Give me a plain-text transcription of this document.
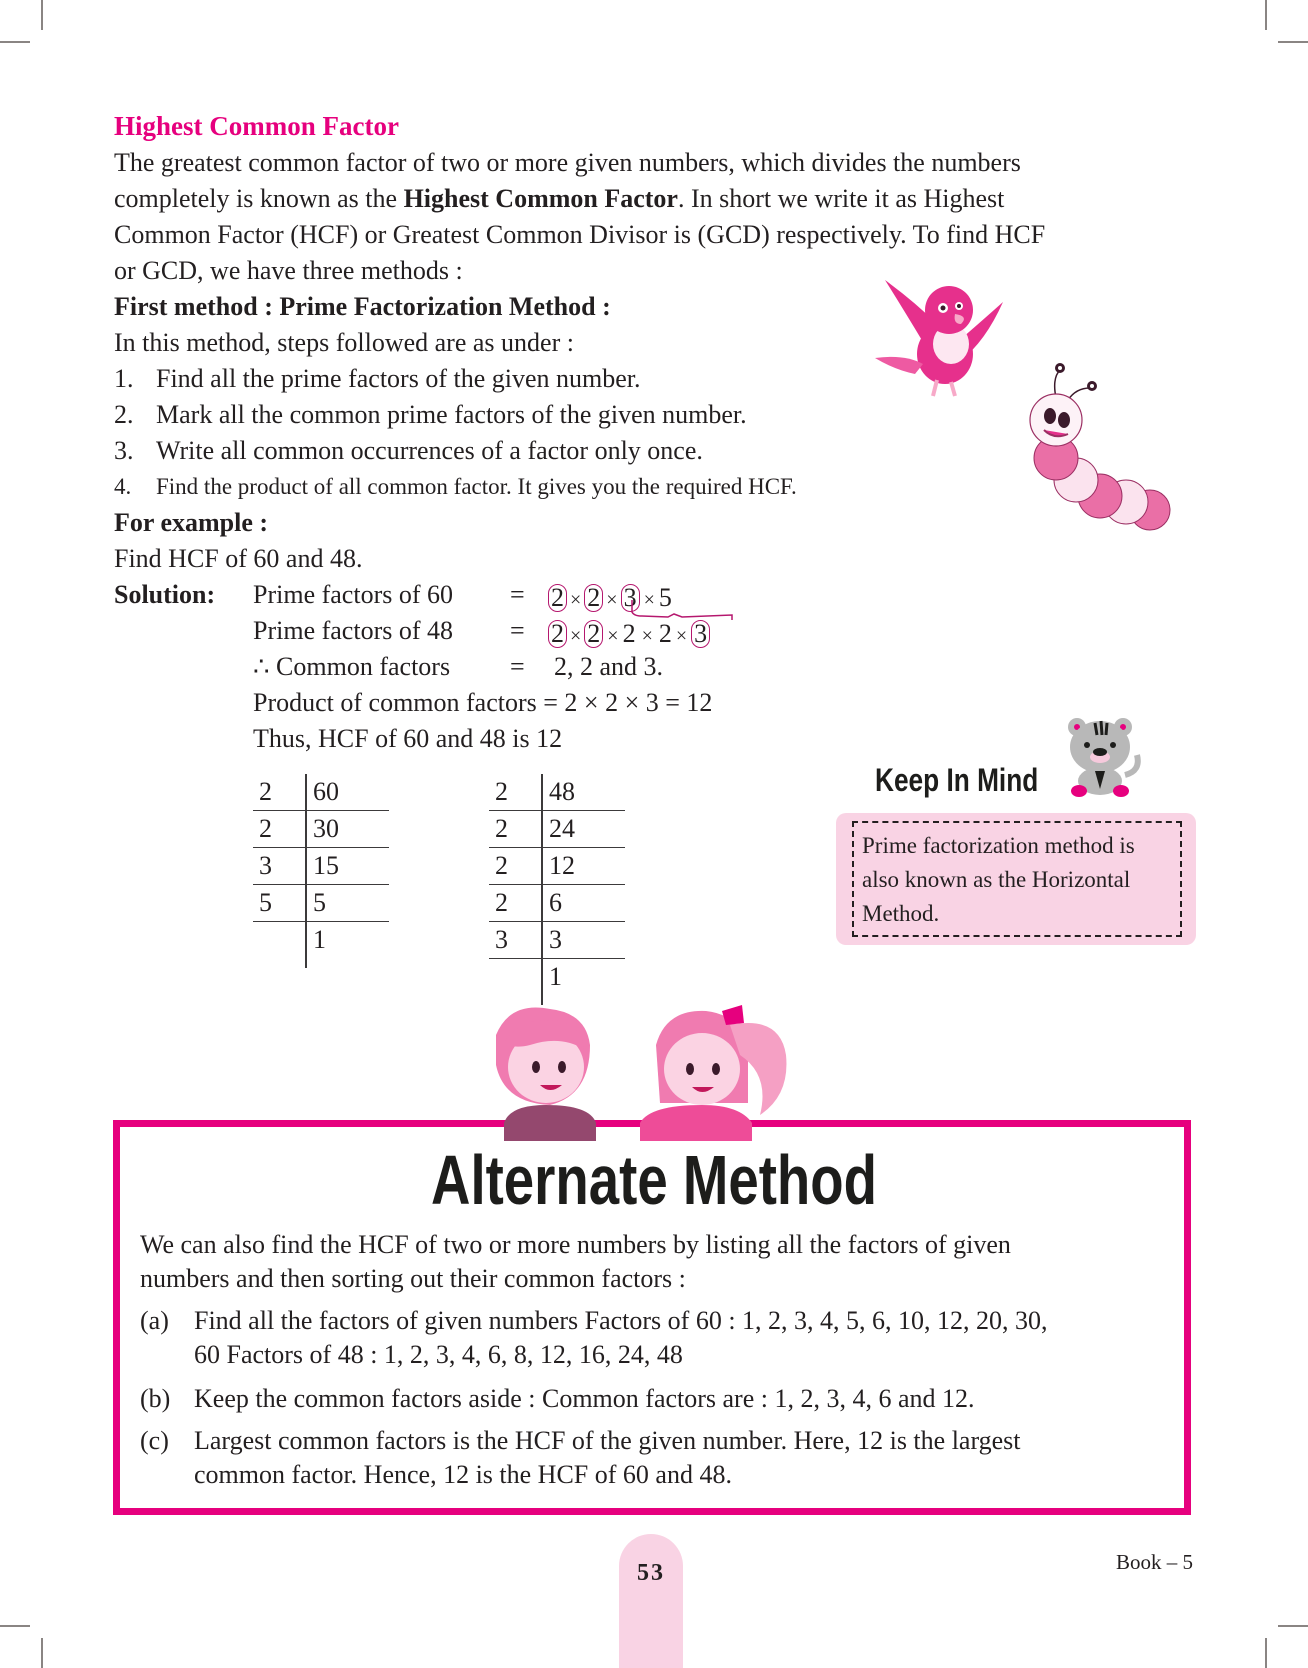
Highest Common Factor
The greatest common factor of two or more given numbers, which divides the numbers
completely is known as the Highest Common Factor. In short we write it as Highest
Common Factor (HCF) or Greatest Common Divisor is (GCD) respectively. To find HCF
or GCD, we have three methods :
First method : Prime Factorization Method :
In this method, steps followed are as under :
1. Find all the prime factors of the given number.
2. Mark all the common prime factors of the given number.
3. Write all common occurrences of a factor only once.
4. Find the product of all common factor. It gives you the required HCF.
For example :
Find HCF of 60 and 48.
Solution: Prime factors of 60 = 2 × 2 × 3 × 5
Prime factors of 48 = 2 × 2 × 2 × 2 × 3
∴ Common factors = 2, 2 and 3.
Product of common factors = 2 × 2 × 3 = 12
Thus, HCF of 60 and 48 is 12
2	60
2	30
3	15
5	5
	1

2	48
2	24
2	12
2	6
3	3
	1

Keep In Mind
Prime factorization method is
also known as the Horizontal
Method.
Alternate Method
We can also find the HCF of two or more numbers by listing all the factors of given
numbers and then sorting out their common factors :
(a) Find all the factors of given numbers Factors of 60 : 1, 2, 3, 4, 5, 6, 10, 12, 20, 30,
60 Factors of 48 : 1, 2, 3, 4, 6, 8, 12, 16, 24, 48
(b) Keep the common factors aside : Common factors are : 1, 2, 3, 4, 6 and 12.
(c) Largest common factors is the HCF of the given number. Here, 12 is the largest
common factor. Hence, 12 is the HCF of 60 and 48.
53	Book – 5
